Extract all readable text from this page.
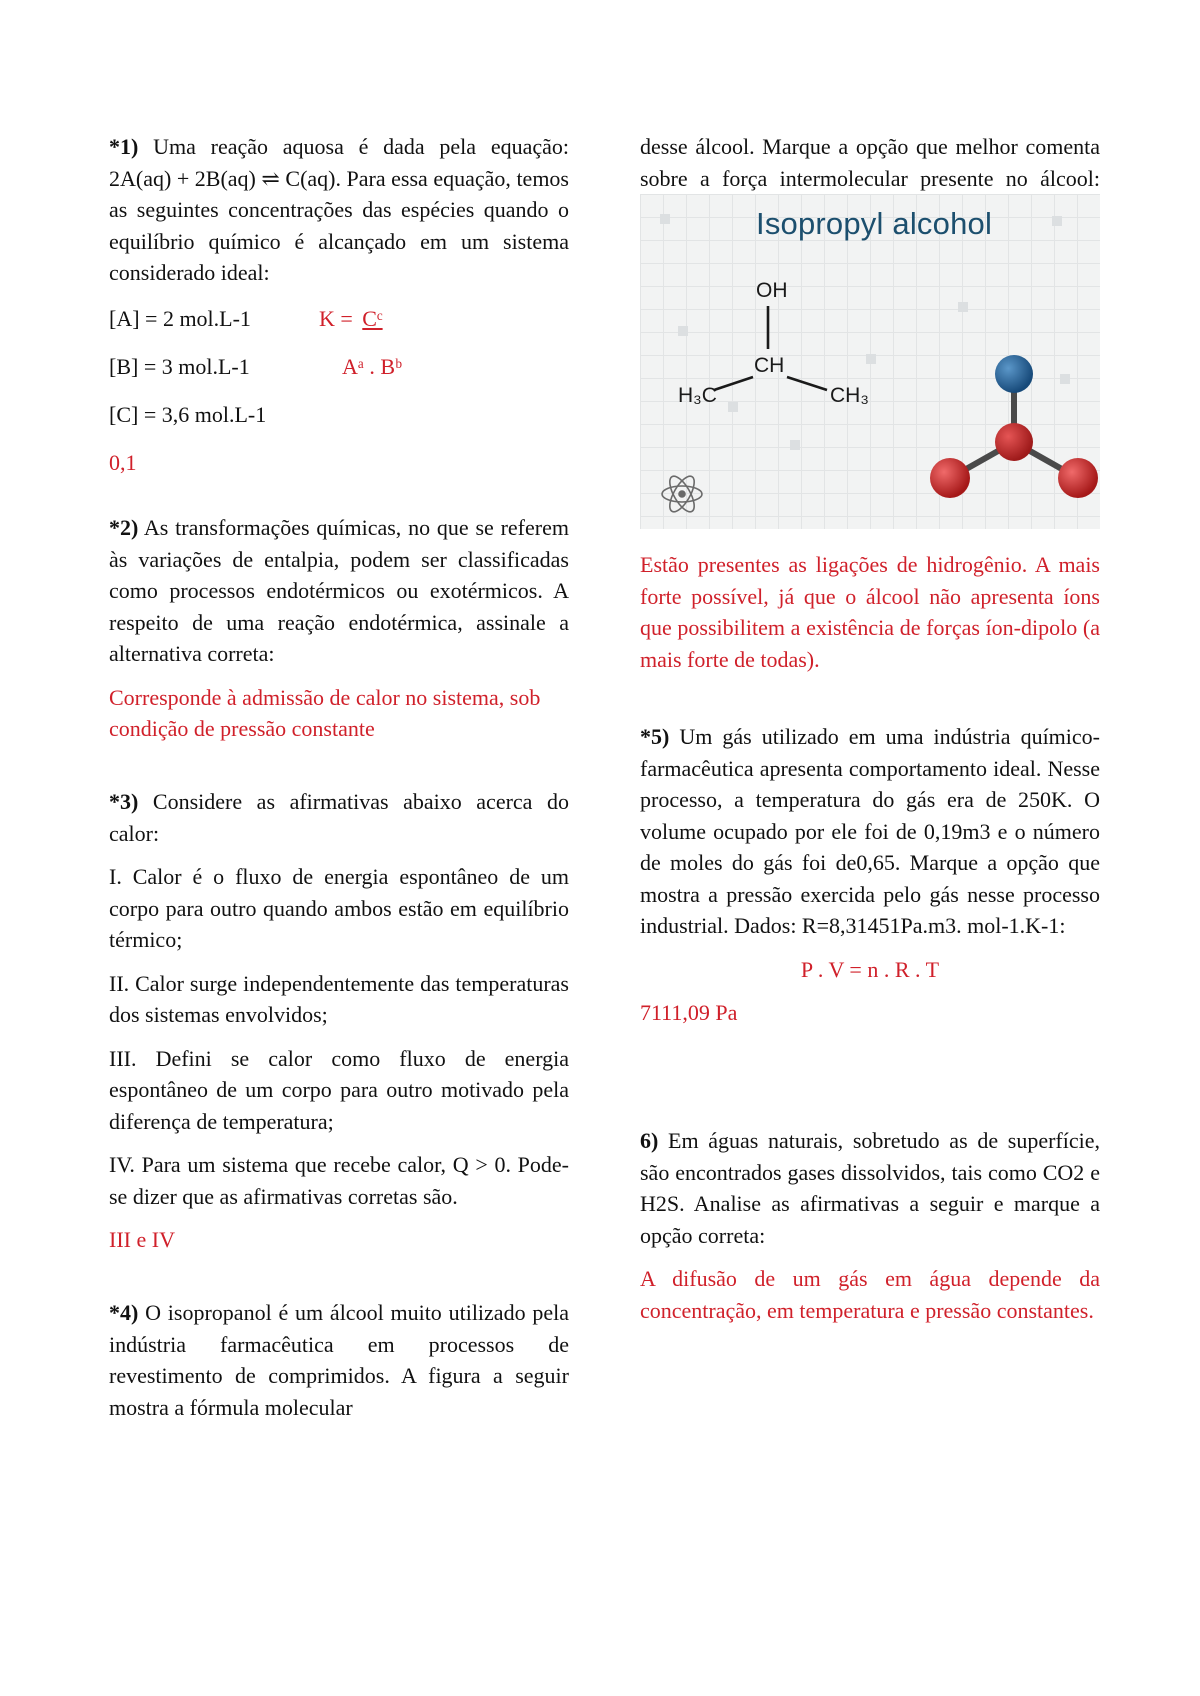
*1) Uma reação aquosa é dada pela equação: 2A(aq) + 2B(aq) ⇌ C(aq). Para essa equação, temos as seguintes concentrações das espécies quando o equilíbrio químico é alcançado em um sistema considerado ideal:

[A] = 2 mol.L-1	K = Cᶜ
[B] = 3 mol.L-1	Aᵃ . Bᵇ
[C] = 3,6 mol.L-1

0,1

*2) As transformações químicas, no que se referem às variações de entalpia, podem ser classificadas como processos endotérmicos ou exotérmicos. A respeito de uma reação endotérmica, assinale a alternativa correta:

Corresponde à admissão de calor no sistema, sob condição de pressão constante

*3) Considere as afirmativas abaixo acerca do calor:

I. Calor é o fluxo de energia espontâneo de um corpo para outro quando ambos estão em equilíbrio térmico;

II. Calor surge independentemente das temperaturas dos sistemas envolvidos;

III. Defini se calor como fluxo de energia espontâneo de um corpo para outro motivado pela diferença de temperatura;

IV. Para um sistema que recebe calor, Q > 0. Pode-se dizer que as afirmativas corretas são.

III e IV

*4) O isopropanol é um álcool muito utilizado pela indústria farmacêutica em processos de revestimento de comprimidos. A figura a seguir mostra a fórmula molecular

desse álcool. Marque a opção que melhor comenta sobre a força intermolecular presente no álcool:

Isopropyl alcohol
OH
CH
H₃C	CH₃

Estão presentes as ligações de hidrogênio. A mais forte possível, já que o álcool não apresenta íons que possibilitem a existência de forças íon-dipolo (a mais forte de todas).

*5) Um gás utilizado em uma indústria químico-farmacêutica apresenta comportamento ideal. Nesse processo, a temperatura do gás era de 250K. O volume ocupado por ele foi de 0,19m3 e o número de moles do gás foi de0,65. Marque a opção que mostra a pressão exercida pelo gás nesse processo industrial. Dados: R=8,31451Pa.m3. mol-1.K-1:

P . V = n . R . T

7111,09 Pa

6) Em águas naturais, sobretudo as de superfície, são encontrados gases dissolvidos, tais como CO2 e H2S. Analise as afirmativas a seguir e marque a opção correta:

A difusão de um gás em água depende da concentração, em temperatura e pressão constantes.
